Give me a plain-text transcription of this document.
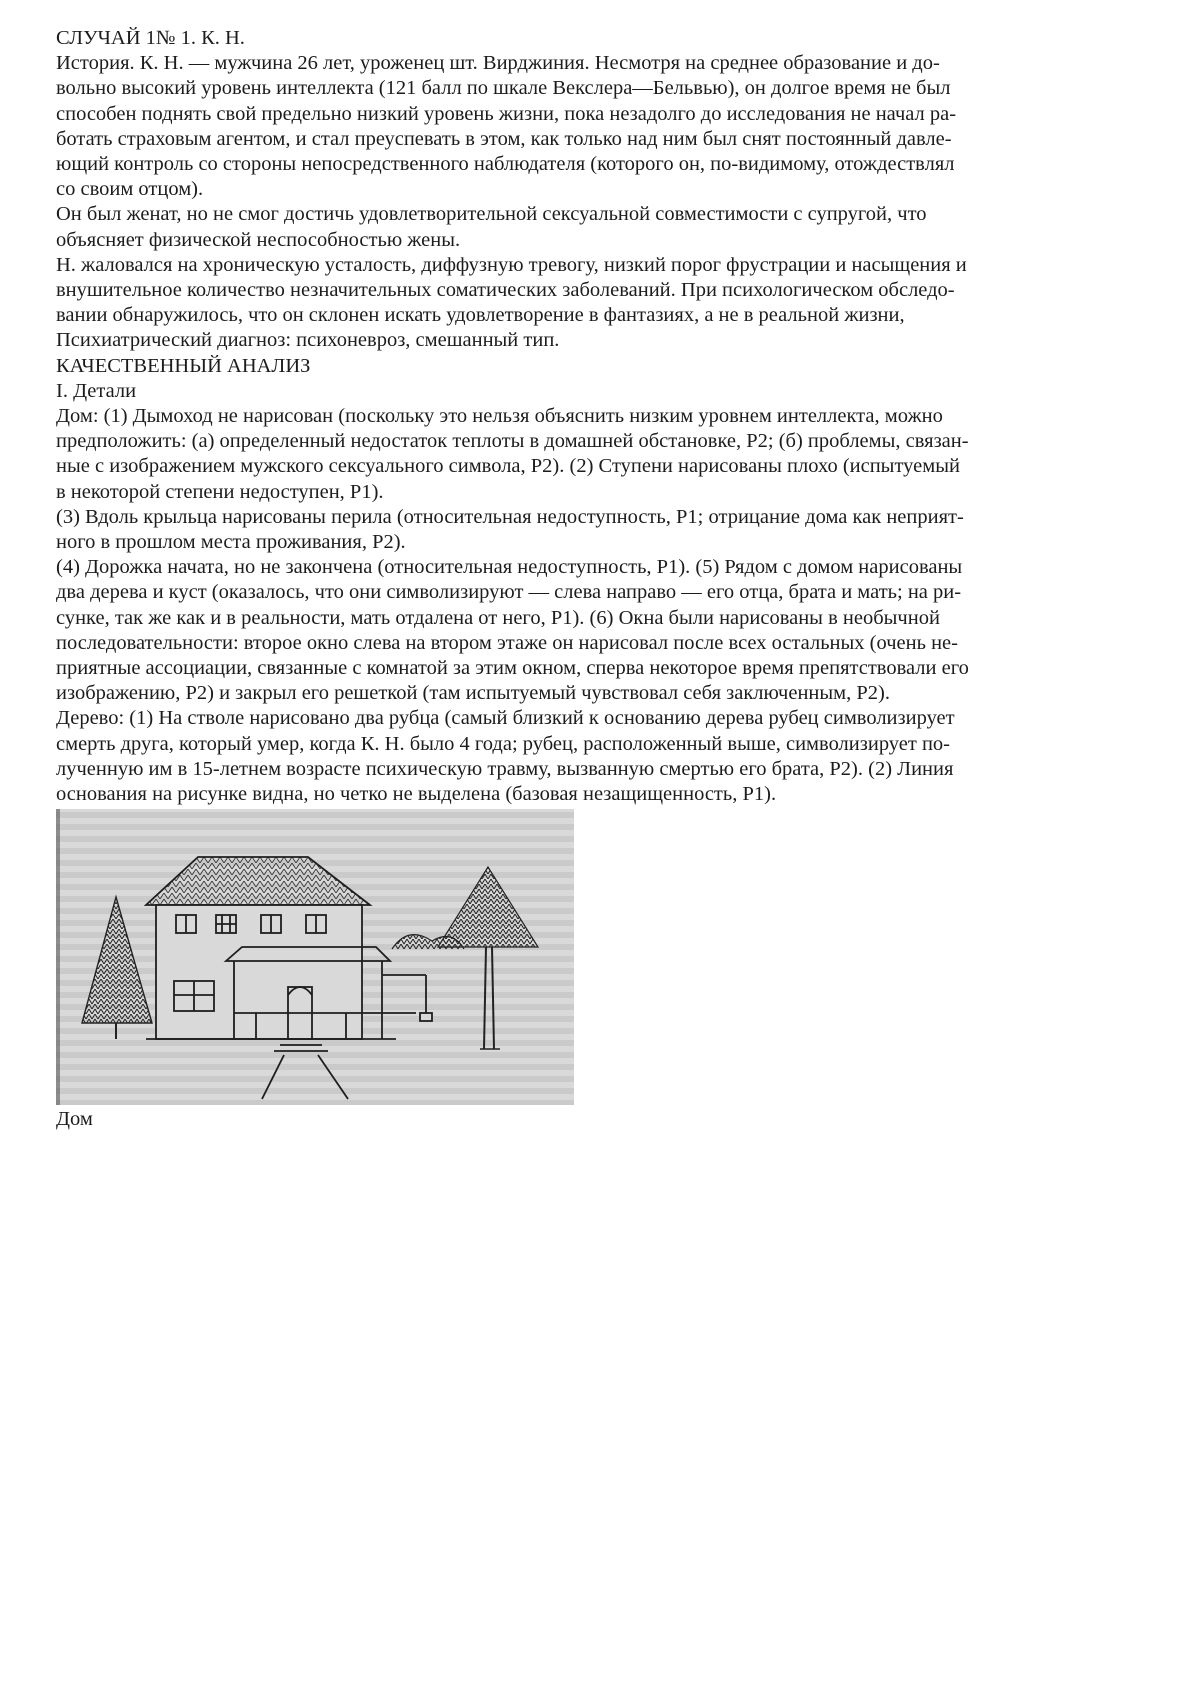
СЛУЧАЙ 1№ 1. К. Н.

История. К. Н. — мужчина 26 лет, уроженец шт. Вирджиния. Несмотря на среднее образование и до-

вольно высокий уровень интеллекта (121 балл по шкале Векслера—Бельвью), он долгое время не был

способен поднять свой предельно низкий уровень жизни, пока незадолго до исследования не начал ра-

ботать страховым агентом, и стал преуспевать в этом, как только над ним был снят постоянный давле-

ющий контроль со стороны непосредственного наблюдателя (которого он, по-видимому, отождествлял

со своим отцом).

Он был женат, но не смог достичь удовлетворительной сексуальной совместимости с супругой, что

объясняет физической неспособностью жены.

Н. жаловался на хроническую усталость, диффузную тревогу, низкий порог фрустрации и насыщения и

внушительное количество незначительных соматических заболеваний. При психологическом обследо-

вании обнаружилось, что он склонен искать удовлетворение в фантазиях, а не в реальной жизни,

Психиатрический диагноз: психоневроз, смешанный тип.

КАЧЕСТВЕННЫЙ АНАЛИЗ

I. Детали

Дом: (1) Дымоход не нарисован (поскольку это нельзя объяснить низким уровнем интеллекта, можно

предположить: (а) определенный недостаток теплоты в домашней обстановке, Р2; (б) проблемы, связан-

ные с изображением мужского сексуального символа, Р2). (2) Ступени нарисованы плохо (испытуемый

в некоторой степени недоступен, Р1).

(3) Вдоль крыльца нарисованы перила (относительная недоступность, Р1; отрицание дома как неприят-

ного в прошлом места проживания, Р2).

(4) Дорожка начата, но не закончена (относительная недоступность, Р1). (5) Рядом с домом нарисованы

два дерева и куст (оказалось, что они символизируют — слева направо — его отца, брата и мать; на ри-

сунке, так же как и в реальности, мать отдалена от него, Р1). (6) Окна были нарисованы в необычной

последовательности: второе окно слева на втором этаже он нарисовал после всех остальных (очень не-

приятные ассоциации, связанные с комнатой за этим окном, сперва некоторое время препятствовали его

изображению, Р2) и закрыл его решеткой (там испытуемый чувствовал себя заключенным, Р2).

Дерево: (1) На стволе нарисовано два рубца (самый близкий к основанию дерева рубец символизирует

смерть друга, который умер, когда К. Н. было 4 года; рубец, расположенный выше, символизирует по-

лученную им в 15-летнем возрасте психическую травму, вызванную смертью его брата, Р2). (2) Линия

основания на рисунке видна, но четко не выделена (базовая незащищенность, Р1).

Дом
